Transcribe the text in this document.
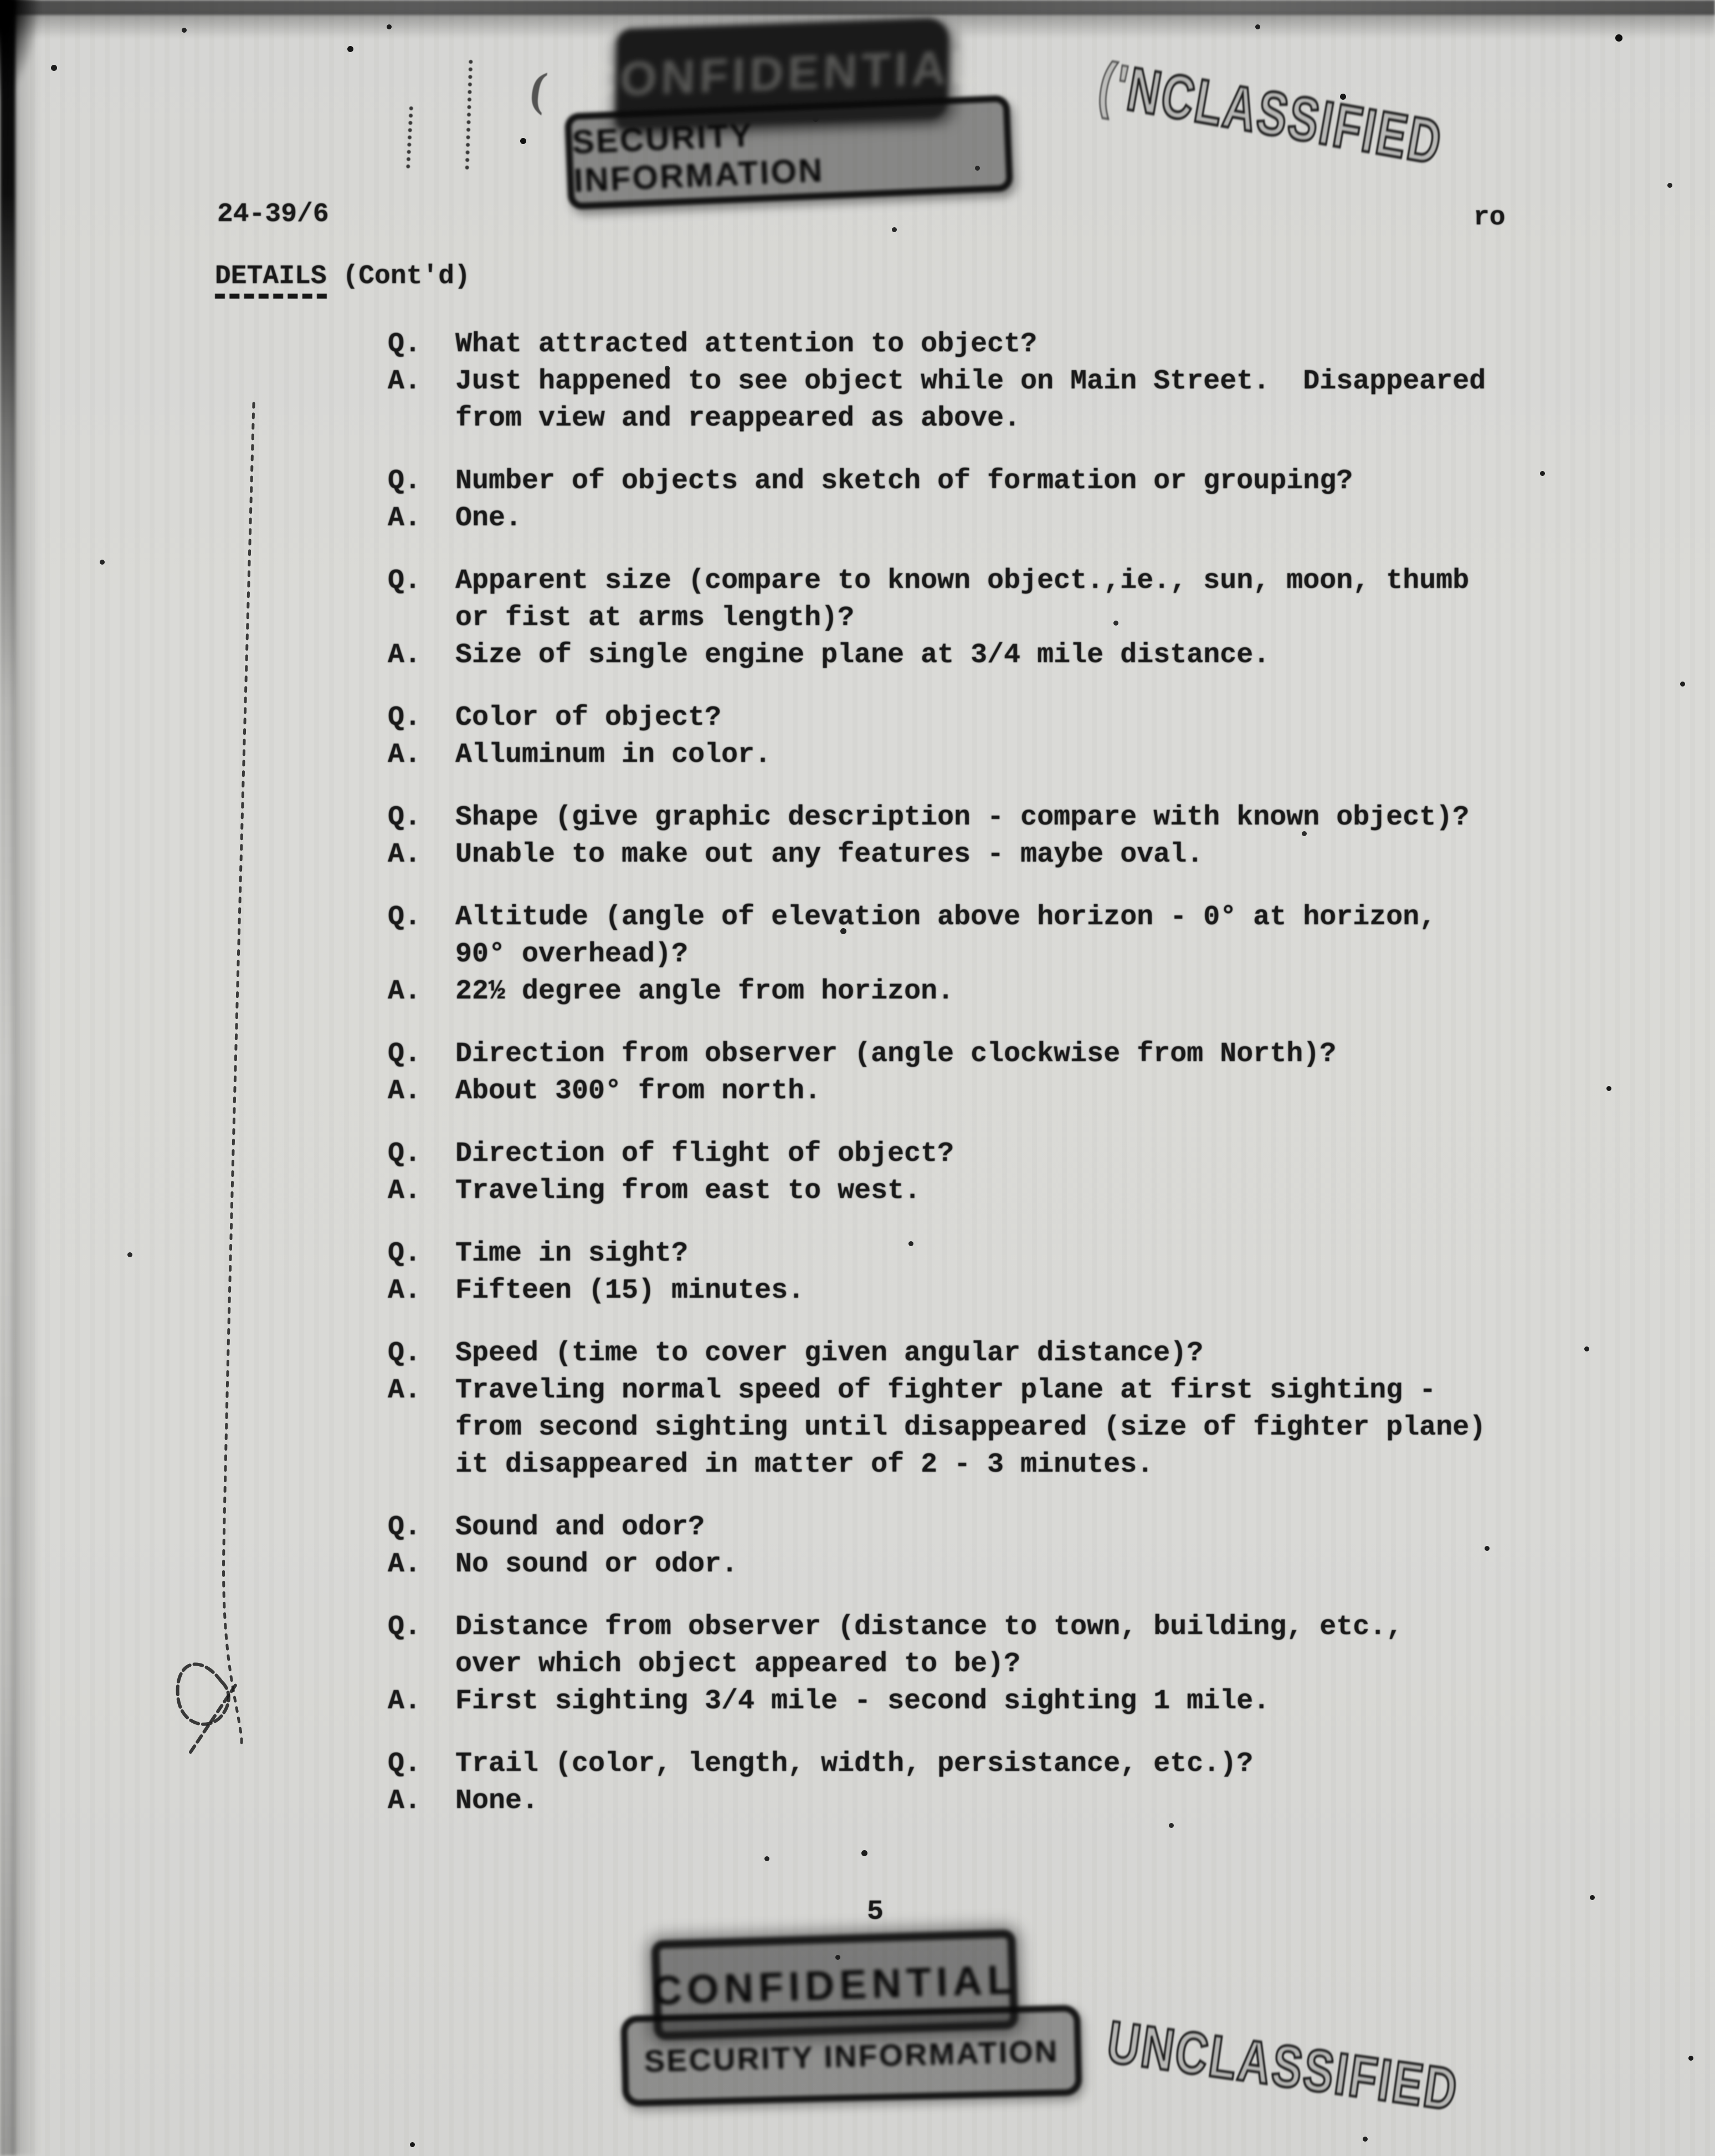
( CONFIDENTIAL
SECURITY INFORMATION
('NCLASSIFIED
24-39/6	ro
DETAILS (Cont'd)
Q.	What attracted attention to object?
A.	Just happened to see object while on Main Street.  Disappeared
from view and reappeared as above.
Q.	Number of objects and sketch of formation or grouping?
A.	One.
Q.	Apparent size (compare to known object.,ie., sun, moon, thumb
or fist at arms length)?
A.	Size of single engine plane at 3/4 mile distance.
Q.	Color of object?
A.	Alluminum in color.
Q.	Shape (give graphic description - compare with known object)?
A.	Unable to make out any features - maybe oval.
Q.	Altitude (angle of elevation above horizon - 0° at horizon,
90° overhead)?
A.	22½ degree angle from horizon.
Q.	Direction from observer (angle clockwise from North)?
A.	About 300° from north.
Q.	Direction of flight of object?
A.	Traveling from east to west.
Q.	Time in sight?
A.	Fifteen (15) minutes.
Q.	Speed (time to cover given angular distance)?
A.	Traveling normal speed of fighter plane at first sighting -
from second sighting until disappeared (size of fighter plane)
it disappeared in matter of 2 - 3 minutes.
Q.	Sound and odor?
A.	No sound or odor.
Q.	Distance from observer (distance to town, building, etc.,
over which object appeared to be)?
A.	First sighting 3/4 mile - second sighting 1 mile.
Q.	Trail (color, length, width, persistance, etc.)?
A.	None.
5
CONFIDENTIAL
SECURITY INFORMATION UNCLASSIFIED
